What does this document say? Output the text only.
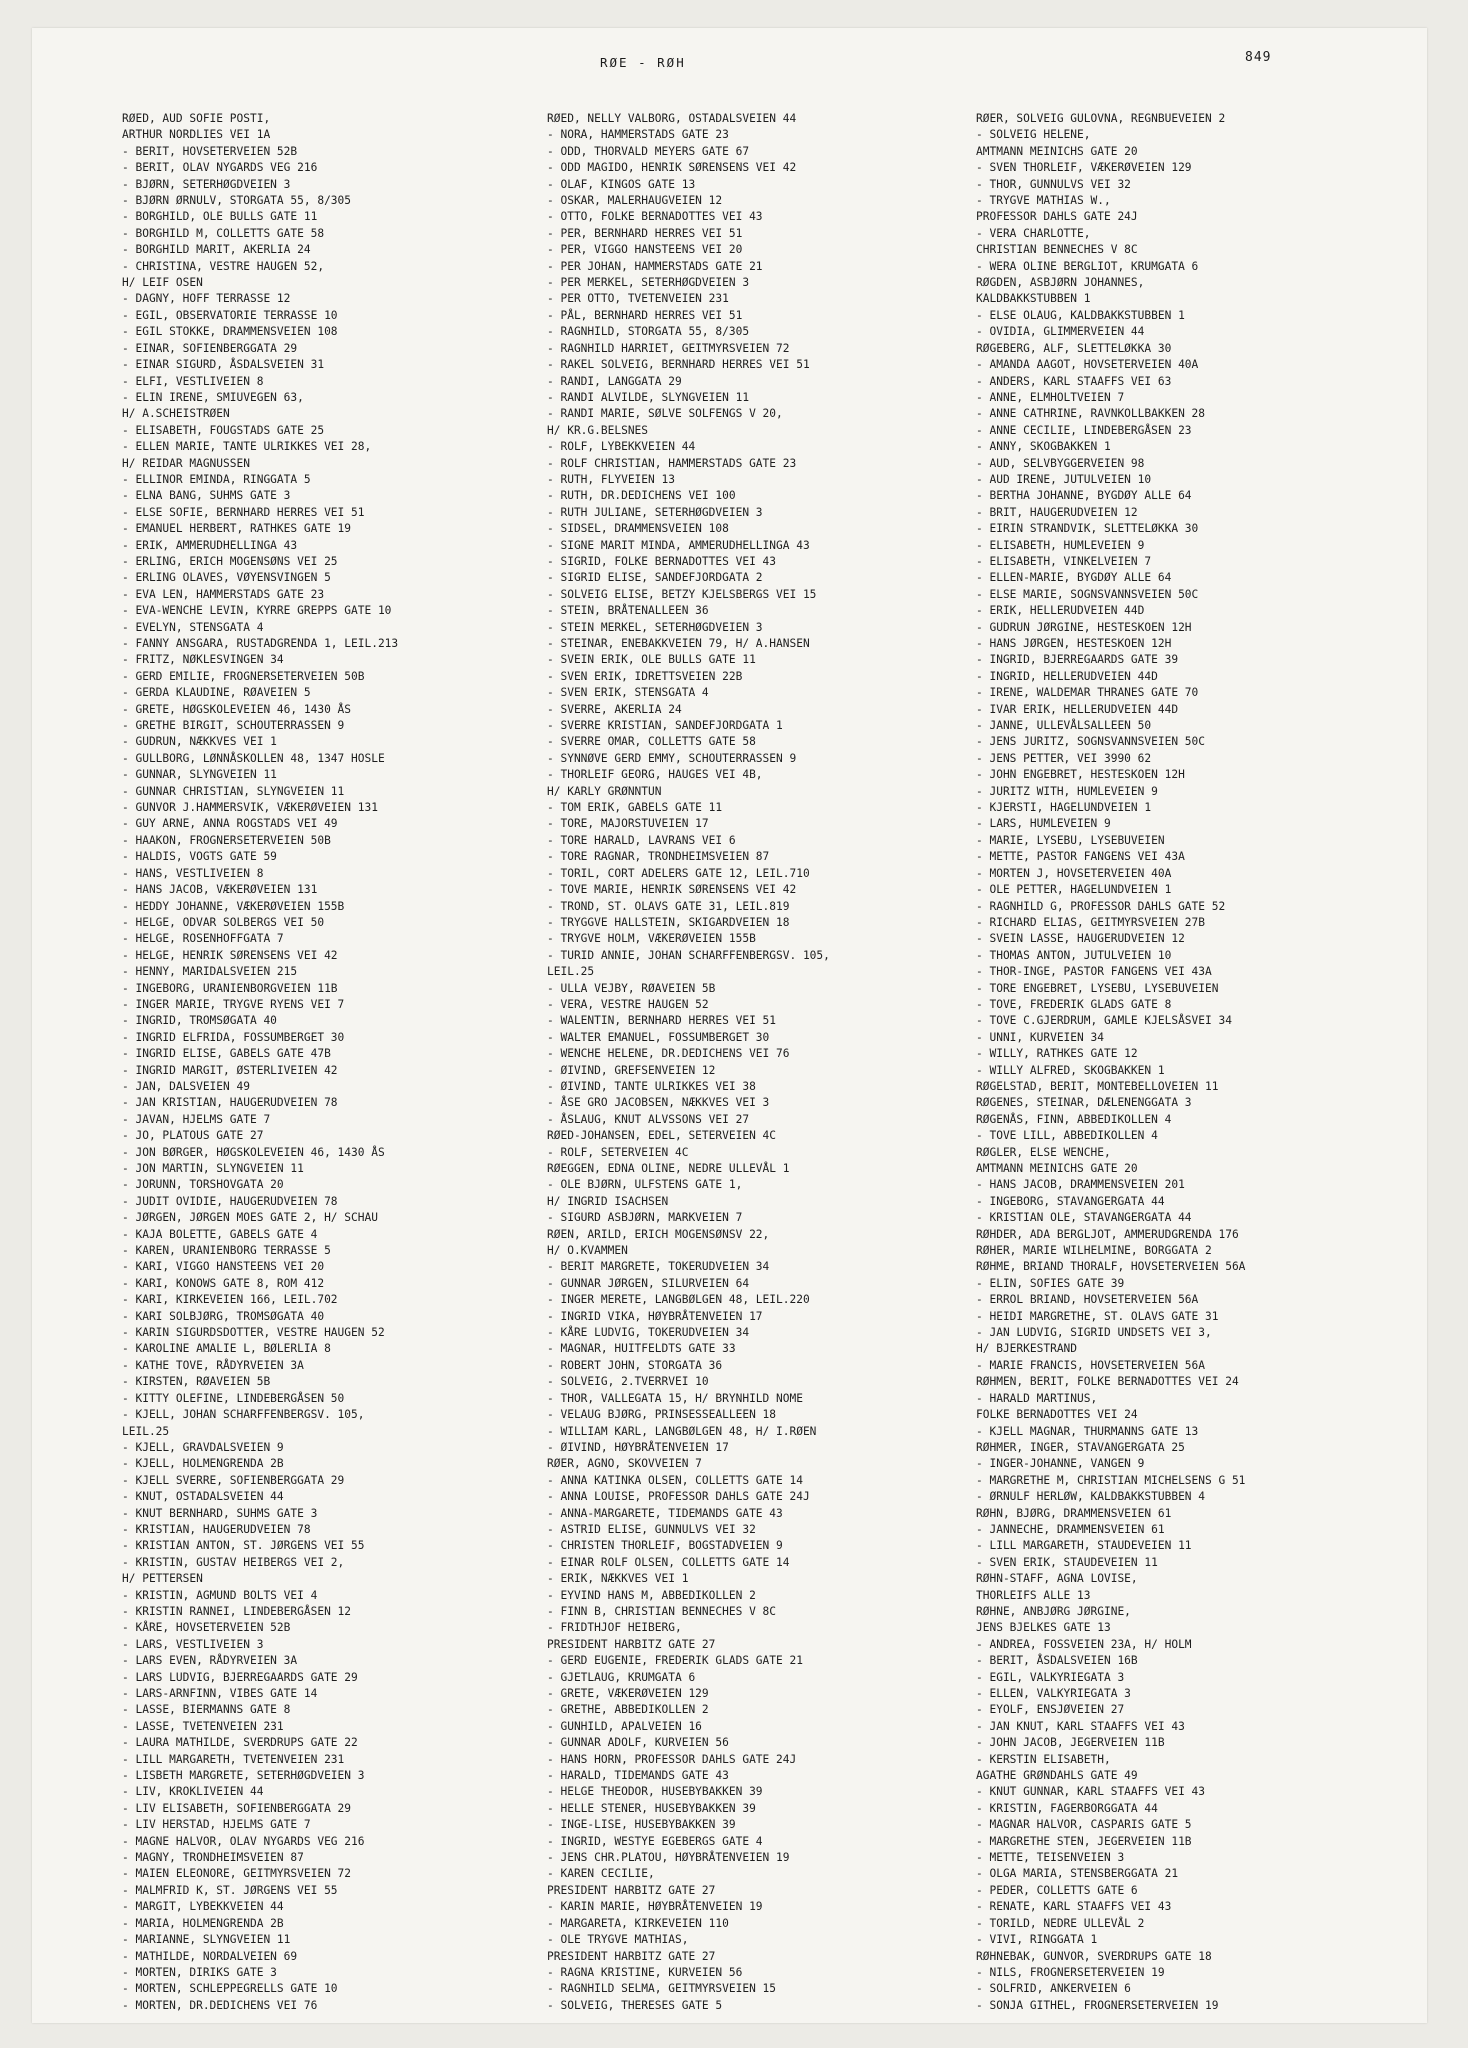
RØE - RØH	849
RØED, AUD SOFIE POSTI,
ARTHUR NORDLIES VEI 1A
- BERIT, HOVSETERVEIEN 52B
- BERIT, OLAV NYGARDS VEG 216
- BJØRN, SETERHØGDVEIEN 3
- BJØRN ØRNULV, STORGATA 55, 8/305
- BORGHILD, OLE BULLS GATE 11
- BORGHILD M, COLLETTS GATE 58
- BORGHILD MARIT, AKERLIA 24
- CHRISTINA, VESTRE HAUGEN 52,
H/ LEIF OSEN
- DAGNY, HOFF TERRASSE 12
- EGIL, OBSERVATORIE TERRASSE 10
- EGIL STOKKE, DRAMMENSVEIEN 108
- EINAR, SOFIENBERGGATA 29
- EINAR SIGURD, ÅSDALSVEIEN 31
- ELFI, VESTLIVEIEN 8
- ELIN IRENE, SMIUVEGEN 63,
H/ A.SCHEISTRØEN
- ELISABETH, FOUGSTADS GATE 25
- ELLEN MARIE, TANTE ULRIKKES VEI 28,
H/ REIDAR MAGNUSSEN
- ELLINOR EMINDA, RINGGATA 5
- ELNA BANG, SUHMS GATE 3
- ELSE SOFIE, BERNHARD HERRES VEI 51
- EMANUEL HERBERT, RATHKES GATE 19
- ERIK, AMMERUDHELLINGA 43
- ERLING, ERICH MOGENSØNS VEI 25
- ERLING OLAVES, VØYENSVINGEN 5
- EVA LEN, HAMMERSTADS GATE 23
- EVA-WENCHE LEVIN, KYRRE GREPPS GATE 10
- EVELYN, STENSGATA 4
- FANNY ANSGARA, RUSTADGRENDA 1, LEIL.213
- FRITZ, NØKLESVINGEN 34
- GERD EMILIE, FROGNERSETERVEIEN 50B
- GERDA KLAUDINE, RØAVEIEN 5
- GRETE, HØGSKOLEVEIEN 46, 1430 ÅS
- GRETHE BIRGIT, SCHOUTERRASSEN 9
- GUDRUN, NÆKKVES VEI 1
- GULLBORG, LØNNÅSKOLLEN 48, 1347 HOSLE
- GUNNAR, SLYNGVEIEN 11
- GUNNAR CHRISTIAN, SLYNGVEIEN 11
- GUNVOR J.HAMMERSVIK, VÆKERØVEIEN 131
- GUY ARNE, ANNA ROGSTADS VEI 49
- HAAKON, FROGNERSETERVEIEN 50B
- HALDIS, VOGTS GATE 59
- HANS, VESTLIVEIEN 8
- HANS JACOB, VÆKERØVEIEN 131
- HEDDY JOHANNE, VÆKERØVEIEN 155B
- HELGE, ODVAR SOLBERGS VEI 50
- HELGE, ROSENHOFFGATA 7
- HELGE, HENRIK SØRENSENS VEI 42
- HENNY, MARIDALSVEIEN 215
- INGEBORG, URANIENBORGVEIEN 11B
- INGER MARIE, TRYGVE RYENS VEI 7
- INGRID, TROMSØGATA 40
- INGRID ELFRIDA, FOSSUMBERGET 30
- INGRID ELISE, GABELS GATE 47B
- INGRID MARGIT, ØSTERLIVEIEN 42
- JAN, DALSVEIEN 49
- JAN KRISTIAN, HAUGERUDVEIEN 78
- JAVAN, HJELMS GATE 7
- JO, PLATOUS GATE 27
- JON BØRGER, HØGSKOLEVEIEN 46, 1430 ÅS
- JON MARTIN, SLYNGVEIEN 11
- JORUNN, TORSHOVGATA 20
- JUDIT OVIDIE, HAUGERUDVEIEN 78
- JØRGEN, JØRGEN MOES GATE 2, H/ SCHAU
- KAJA BOLETTE, GABELS GATE 4
- KAREN, URANIENBORG TERRASSE 5
- KARI, VIGGO HANSTEENS VEI 20
- KARI, KONOWS GATE 8, ROM 412
- KARI, KIRKEVEIEN 166, LEIL.702
- KARI SOLBJØRG, TROMSØGATA 40
- KARIN SIGURDSDOTTER, VESTRE HAUGEN 52
- KAROLINE AMALIE L, BØLERLIA 8
- KATHE TOVE, RÅDYRVEIEN 3A
- KIRSTEN, RØAVEIEN 5B
- KITTY OLEFINE, LINDEBERGÅSEN 50
- KJELL, JOHAN SCHARFFENBERGSV. 105,
LEIL.25
- KJELL, GRAVDALSVEIEN 9
- KJELL, HOLMENGRENDA 2B
- KJELL SVERRE, SOFIENBERGGATA 29
- KNUT, OSTADALSVEIEN 44
- KNUT BERNHARD, SUHMS GATE 3
- KRISTIAN, HAUGERUDVEIEN 78
- KRISTIAN ANTON, ST. JØRGENS VEI 55
- KRISTIN, GUSTAV HEIBERGS VEI 2,
H/ PETTERSEN
- KRISTIN, AGMUND BOLTS VEI 4
- KRISTIN RANNEI, LINDEBERGÅSEN 12
- KÅRE, HOVSETERVEIEN 52B
- LARS, VESTLIVEIEN 3
- LARS EVEN, RÅDYRVEIEN 3A
- LARS LUDVIG, BJERREGAARDS GATE 29
- LARS-ARNFINN, VIBES GATE 14
- LASSE, BIERMANNS GATE 8
- LASSE, TVETENVEIEN 231
- LAURA MATHILDE, SVERDRUPS GATE 22
- LILL MARGARETH, TVETENVEIEN 231
- LISBETH MARGRETE, SETERHØGDVEIEN 3
- LIV, KROKLIVEIEN 44
- LIV ELISABETH, SOFIENBERGGATA 29
- LIV HERSTAD, HJELMS GATE 7
- MAGNE HALVOR, OLAV NYGARDS VEG 216
- MAGNY, TRONDHEIMSVEIEN 87
- MAIEN ELEONORE, GEITMYRSVEIEN 72
- MALMFRID K, ST. JØRGENS VEI 55
- MARGIT, LYBEKKVEIEN 44
- MARIA, HOLMENGRENDA 2B
- MARIANNE, SLYNGVEIEN 11
- MATHILDE, NORDALVEIEN 69
- MORTEN, DIRIKS GATE 3
- MORTEN, SCHLEPPEGRELLS GATE 10
- MORTEN, DR.DEDICHENS VEI 76
RØED, NELLY VALBORG, OSTADALSVEIEN 44
- NORA, HAMMERSTADS GATE 23
- ODD, THORVALD MEYERS GATE 67
- ODD MAGIDO, HENRIK SØRENSENS VEI 42
- OLAF, KINGOS GATE 13
- OSKAR, MALERHAUGVEIEN 12
- OTTO, FOLKE BERNADOTTES VEI 43
- PER, BERNHARD HERRES VEI 51
- PER, VIGGO HANSTEENS VEI 20
- PER JOHAN, HAMMERSTADS GATE 21
- PER MERKEL, SETERHØGDVEIEN 3
- PER OTTO, TVETENVEIEN 231
- PÅL, BERNHARD HERRES VEI 51
- RAGNHILD, STORGATA 55, 8/305
- RAGNHILD HARRIET, GEITMYRSVEIEN 72
- RAKEL SOLVEIG, BERNHARD HERRES VEI 51
- RANDI, LANGGATA 29
- RANDI ALVILDE, SLYNGVEIEN 11
- RANDI MARIE, SØLVE SOLFENGS V 20,
H/ KR.G.BELSNES
- ROLF, LYBEKKVEIEN 44
- ROLF CHRISTIAN, HAMMERSTADS GATE 23
- RUTH, FLYVEIEN 13
- RUTH, DR.DEDICHENS VEI 100
- RUTH JULIANE, SETERHØGDVEIEN 3
- SIDSEL, DRAMMENSVEIEN 108
- SIGNE MARIT MINDA, AMMERUDHELLINGA 43
- SIGRID, FOLKE BERNADOTTES VEI 43
- SIGRID ELISE, SANDEFJORDGATA 2
- SOLVEIG ELISE, BETZY KJELSBERGS VEI 15
- STEIN, BRÅTENALLEEN 36
- STEIN MERKEL, SETERHØGDVEIEN 3
- STEINAR, ENEBAKKVEIEN 79, H/ A.HANSEN
- SVEIN ERIK, OLE BULLS GATE 11
- SVEN ERIK, IDRETTSVEIEN 22B
- SVEN ERIK, STENSGATA 4
- SVERRE, AKERLIA 24
- SVERRE KRISTIAN, SANDEFJORDGATA 1
- SVERRE OMAR, COLLETTS GATE 58
- SYNNØVE GERD EMMY, SCHOUTERRASSEN 9
- THORLEIF GEORG, HAUGES VEI 4B,
H/ KARLY GRØNNTUN
- TOM ERIK, GABELS GATE 11
- TORE, MAJORSTUVEIEN 17
- TORE HARALD, LAVRANS VEI 6
- TORE RAGNAR, TRONDHEIMSVEIEN 87
- TORIL, CORT ADELERS GATE 12, LEIL.710
- TOVE MARIE, HENRIK SØRENSENS VEI 42
- TROND, ST. OLAVS GATE 31, LEIL.819
- TRYGGVE HALLSTEIN, SKIGARDVEIEN 18
- TRYGVE HOLM, VÆKERØVEIEN 155B
- TURID ANNIE, JOHAN SCHARFFENBERGSV. 105,
LEIL.25
- ULLA VEJBY, RØAVEIEN 5B
- VERA, VESTRE HAUGEN 52
- WALENTIN, BERNHARD HERRES VEI 51
- WALTER EMANUEL, FOSSUMBERGET 30
- WENCHE HELENE, DR.DEDICHENS VEI 76
- ØIVIND, GREFSENVEIEN 12
- ØIVIND, TANTE ULRIKKES VEI 38
- ÅSE GRO JACOBSEN, NÆKKVES VEI 3
- ÅSLAUG, KNUT ALVSSONS VEI 27
RØED-JOHANSEN, EDEL, SETERVEIEN 4C
- ROLF, SETERVEIEN 4C
RØEGGEN, EDNA OLINE, NEDRE ULLEVÅL 1
- OLE BJØRN, ULFSTENS GATE 1,
H/ INGRID ISACHSEN
- SIGURD ASBJØRN, MARKVEIEN 7
RØEN, ARILD, ERICH MOGENSØNSV 22,
H/ O.KVAMMEN
- BERIT MARGRETE, TOKERUDVEIEN 34
- GUNNAR JØRGEN, SILURVEIEN 64
- INGER MERETE, LANGBØLGEN 48, LEIL.220
- INGRID VIKA, HØYBRÅTENVEIEN 17
- KÅRE LUDVIG, TOKERUDVEIEN 34
- MAGNAR, HUITFELDTS GATE 33
- ROBERT JOHN, STORGATA 36
- SOLVEIG, 2.TVERRVEI 10
- THOR, VALLEGATA 15, H/ BRYNHILD NOME
- VELAUG BJØRG, PRINSESSEALLEEN 18
- WILLIAM KARL, LANGBØLGEN 48, H/ I.RØEN
- ØIVIND, HØYBRÅTENVEIEN 17
RØER, AGNO, SKOVVEIEN 7
- ANNA KATINKA OLSEN, COLLETTS GATE 14
- ANNA LOUISE, PROFESSOR DAHLS GATE 24J
- ANNA-MARGARETE, TIDEMANDS GATE 43
- ASTRID ELISE, GUNNULVS VEI 32
- CHRISTEN THORLEIF, BOGSTADVEIEN 9
- EINAR ROLF OLSEN, COLLETTS GATE 14
- ERIK, NÆKKVES VEI 1
- EYVIND HANS M, ABBEDIKOLLEN 2
- FINN B, CHRISTIAN BENNECHES V 8C
- FRIDTHJOF HEIBERG,
PRESIDENT HARBITZ GATE 27
- GERD EUGENIE, FREDERIK GLADS GATE 21
- GJETLAUG, KRUMGATA 6
- GRETE, VÆKERØVEIEN 129
- GRETHE, ABBEDIKOLLEN 2
- GUNHILD, APALVEIEN 16
- GUNNAR ADOLF, KURVEIEN 56
- HANS HORN, PROFESSOR DAHLS GATE 24J
- HARALD, TIDEMANDS GATE 43
- HELGE THEODOR, HUSEBYBAKKEN 39
- HELLE STENER, HUSEBYBAKKEN 39
- INGE-LISE, HUSEBYBAKKEN 39
- INGRID, WESTYE EGEBERGS GATE 4
- JENS CHR.PLATOU, HØYBRÅTENVEIEN 19
- KAREN CECILIE,
PRESIDENT HARBITZ GATE 27
- KARIN MARIE, HØYBRÅTENVEIEN 19
- MARGARETA, KIRKEVEIEN 110
- OLE TRYGVE MATHIAS,
PRESIDENT HARBITZ GATE 27
- RAGNA KRISTINE, KURVEIEN 56
- RAGNHILD SELMA, GEITMYRSVEIEN 15
- SOLVEIG, THERESES GATE 5
RØER, SOLVEIG GULOVNA, REGNBUEVEIEN 2
- SOLVEIG HELENE,
AMTMANN MEINICHS GATE 20
- SVEN THORLEIF, VÆKERØVEIEN 129
- THOR, GUNNULVS VEI 32
- TRYGVE MATHIAS W.,
PROFESSOR DAHLS GATE 24J
- VERA CHARLOTTE,
CHRISTIAN BENNECHES V 8C
- WERA OLINE BERGLIOT, KRUMGATA 6
RØGDEN, ASBJØRN JOHANNES,
KALDBAKKSTUBBEN 1
- ELSE OLAUG, KALDBAKKSTUBBEN 1
- OVIDIA, GLIMMERVEIEN 44
RØGEBERG, ALF, SLETTELØKKA 30
- AMANDA AAGOT, HOVSETERVEIEN 40A
- ANDERS, KARL STAAFFS VEI 63
- ANNE, ELMHOLTVEIEN 7
- ANNE CATHRINE, RAVNKOLLBAKKEN 28
- ANNE CECILIE, LINDEBERGÅSEN 23
- ANNY, SKOGBAKKEN 1
- AUD, SELVBYGGERVEIEN 98
- AUD IRENE, JUTULVEIEN 10
- BERTHA JOHANNE, BYGDØY ALLE 64
- BRIT, HAUGERUDVEIEN 12
- EIRIN STRANDVIK, SLETTELØKKA 30
- ELISABETH, HUMLEVEIEN 9
- ELISABETH, VINKELVEIEN 7
- ELLEN-MARIE, BYGDØY ALLE 64
- ELSE MARIE, SOGNSVANNSVEIEN 50C
- ERIK, HELLERUDVEIEN 44D
- GUDRUN JØRGINE, HESTESKOEN 12H
- HANS JØRGEN, HESTESKOEN 12H
- INGRID, BJERREGAARDS GATE 39
- INGRID, HELLERUDVEIEN 44D
- IRENE, WALDEMAR THRANES GATE 70
- IVAR ERIK, HELLERUDVEIEN 44D
- JANNE, ULLEVÅLSALLEEN 50
- JENS JURITZ, SOGNSVANNSVEIEN 50C
- JENS PETTER, VEI 3990 62
- JOHN ENGEBRET, HESTESKOEN 12H
- JURITZ WITH, HUMLEVEIEN 9
- KJERSTI, HAGELUNDVEIEN 1
- LARS, HUMLEVEIEN 9
- MARIE, LYSEBU, LYSEBUVEIEN
- METTE, PASTOR FANGENS VEI 43A
- MORTEN J, HOVSETERVEIEN 40A
- OLE PETTER, HAGELUNDVEIEN 1
- RAGNHILD G, PROFESSOR DAHLS GATE 52
- RICHARD ELIAS, GEITMYRSVEIEN 27B
- SVEIN LASSE, HAUGERUDVEIEN 12
- THOMAS ANTON, JUTULVEIEN 10
- THOR-INGE, PASTOR FANGENS VEI 43A
- TORE ENGEBRET, LYSEBU, LYSEBUVEIEN
- TOVE, FREDERIK GLADS GATE 8
- TOVE C.GJERDRUM, GAMLE KJELSÅSVEI 34
- UNNI, KURVEIEN 34
- WILLY, RATHKES GATE 12
- WILLY ALFRED, SKOGBAKKEN 1
RØGELSTAD, BERIT, MONTEBELLOVEIEN 11
RØGENES, STEINAR, DÆLENENGGATA 3
RØGENÅS, FINN, ABBEDIKOLLEN 4
- TOVE LILL, ABBEDIKOLLEN 4
RØGLER, ELSE WENCHE,
AMTMANN MEINICHS GATE 20
- HANS JACOB, DRAMMENSVEIEN 201
- INGEBORG, STAVANGERGATA 44
- KRISTIAN OLE, STAVANGERGATA 44
RØHDER, ADA BERGLJOT, AMMERUDGRENDA 176
RØHER, MARIE WILHELMINE, BORGGATA 2
RØHME, BRIAND THORALF, HOVSETERVEIEN 56A
- ELIN, SOFIES GATE 39
- ERROL BRIAND, HOVSETERVEIEN 56A
- HEIDI MARGRETHE, ST. OLAVS GATE 31
- JAN LUDVIG, SIGRID UNDSETS VEI 3,
H/ BJERKESTRAND
- MARIE FRANCIS, HOVSETERVEIEN 56A
RØHMEN, BERIT, FOLKE BERNADOTTES VEI 24
- HARALD MARTINUS,
FOLKE BERNADOTTES VEI 24
- KJELL MAGNAR, THURMANNS GATE 13
RØHMER, INGER, STAVANGERGATA 25
- INGER-JOHANNE, VANGEN 9
- MARGRETHE M, CHRISTIAN MICHELSENS G 51
- ØRNULF HERLØW, KALDBAKKSTUBBEN 4
RØHN, BJØRG, DRAMMENSVEIEN 61
- JANNECHE, DRAMMENSVEIEN 61
- LILL MARGARETH, STAUDEVEIEN 11
- SVEN ERIK, STAUDEVEIEN 11
RØHN-STAFF, AGNA LOVISE,
THORLEIFS ALLE 13
RØHNE, ANBJØRG JØRGINE,
JENS BJELKES GATE 13
- ANDREA, FOSSVEIEN 23A, H/ HOLM
- BERIT, ÅSDALSVEIEN 16B
- EGIL, VALKYRIEGATA 3
- ELLEN, VALKYRIEGATA 3
- EYOLF, ENSJØVEIEN 27
- JAN KNUT, KARL STAAFFS VEI 43
- JOHN JACOB, JEGERVEIEN 11B
- KERSTIN ELISABETH,
AGATHE GRØNDAHLS GATE 49
- KNUT GUNNAR, KARL STAAFFS VEI 43
- KRISTIN, FAGERBORGGATA 44
- MAGNAR HALVOR, CASPARIS GATE 5
- MARGRETHE STEN, JEGERVEIEN 11B
- METTE, TEISENVEIEN 3
- OLGA MARIA, STENSBERGGATA 21
- PEDER, COLLETTS GATE 6
- RENATE, KARL STAAFFS VEI 43
- TORILD, NEDRE ULLEVÅL 2
- VIVI, RINGGATA 1
RØHNEBAK, GUNVOR, SVERDRUPS GATE 18
- NILS, FROGNERSETERVEIEN 19
- SOLFRID, ANKERVEIEN 6
- SONJA GITHEL, FROGNERSETERVEIEN 19
